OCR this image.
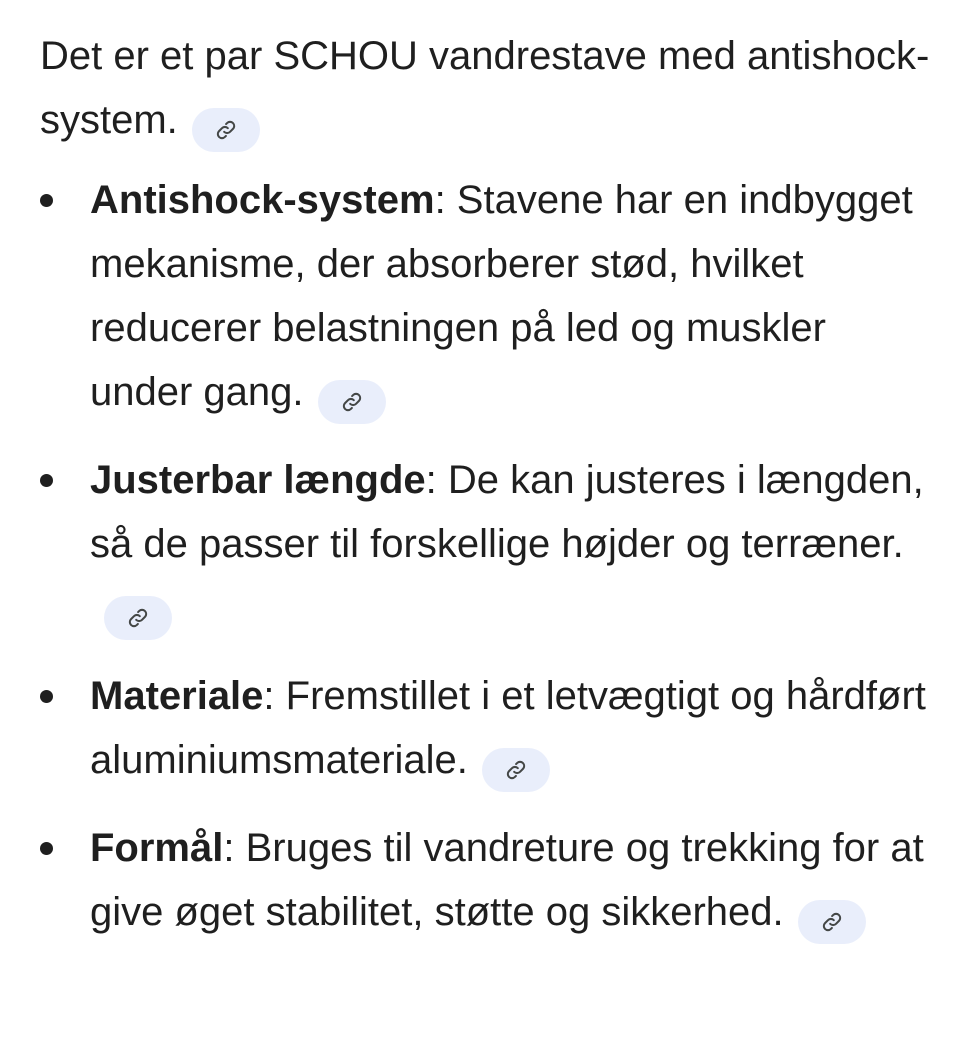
Det er et par SCHOU vandrestave med antishock-system.

Antishock-system: Stavene har en indbygget mekanisme, der absorberer stød, hvilket reducerer belastningen på led og muskler under gang.
Justerbar længde: De kan justeres i længden, så de passer til forskellige højder og terræner.
Materiale: Fremstillet i et letvægtigt og hårdført aluminiumsmateriale.
Formål: Bruges til vandreture og trekking for at give øget stabilitet, støtte og sikkerhed.
